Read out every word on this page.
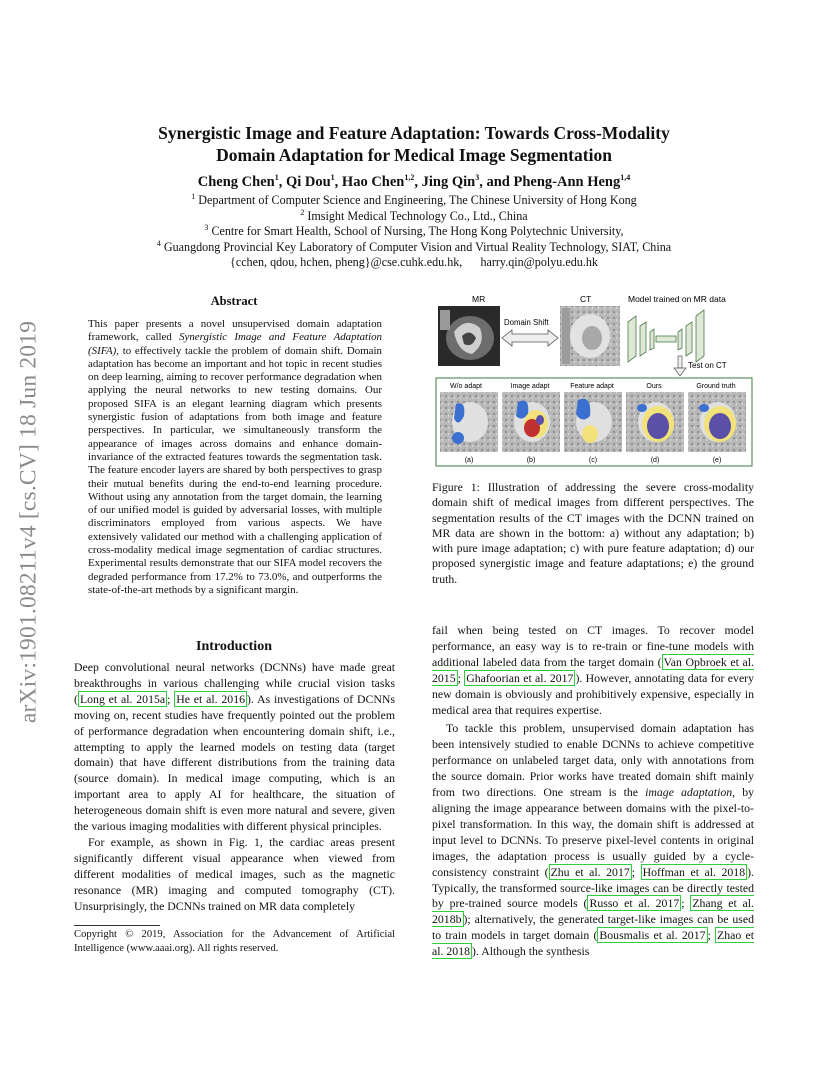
arXiv:1901.08211v4 [cs.CV] 18 Jun 2019
Synergistic Image and Feature Adaptation: Towards Cross-Modality
Domain Adaptation for Medical Image Segmentation
Cheng Chen$^1$, Qi Dou$^1$, Hao Chen$^{1,2}$, Jing Qin$^3$, and Pheng-Ann Heng$^{1,4}$
$^1$ Department of Computer Science and Engineering, The Chinese University of Hong Kong
$^2$ Imsight Medical Technology Co., Ltd., China
$^3$ Centre for Smart Health, School of Nursing, The Hong Kong Polytechnic University,
$^4$ Guangdong Provincial Key Laboratory of Computer Vision and Virtual Reality Technology, SIAT, China
{cchen, qdou, hchen, pheng}@cse.cuhk.edu.hk,      harry.qin@polyu.edu.hk
Abstract
This paper presents a novel unsupervised domain adaptation framework, called Synergistic Image and Feature Adaptation (SIFA), to effectively tackle the problem of domain shift. Domain adaptation has become an important and hot topic in recent studies on deep learning, aiming to recover performance degradation when applying the neural networks to new testing domains. Our proposed SIFA is an elegant learning diagram which presents synergistic fusion of adaptations from both image and feature perspectives. In particular, we simultaneously transform the appearance of images across domains and enhance domain-invariance of the extracted features towards the segmentation task. The feature encoder layers are shared by both perspectives to grasp their mutual benefits during the end-to-end learning procedure. Without using any annotation from the target domain, the learning of our unified model is guided by adversarial losses, with multiple discriminators employed from various aspects. We have extensively validated our method with a challenging application of cross-modality medical image segmentation of cardiac structures. Experimental results demonstrate that our SIFA model recovers the degraded performance from 17.2% to 73.0%, and outperforms the state-of-the-art methods by a significant margin.
Introduction

Deep convolutional neural networks (DCNNs) have made great breakthroughs in various challenging while crucial vision tasks ( Long et al. 2015a ; He et al. 2016 ). As investigations of DCNNs moving on, recent studies have frequently pointed out the problem of performance degradation when encountering domain shift, i.e., attempting to apply the learned models on testing data (target domain) that have different distributions from the training data (source domain). In medical image computing, which is an important area to apply AI for healthcare, the situation of heterogeneous domain shift is even more natural and severe, given the various imaging modalities with different physical principles.

For example, as shown in Fig. 1, the cardiac areas present significantly different visual appearance when viewed from different modalities of medical images, such as the magnetic resonance (MR) imaging and computed tomography (CT). Unsurprisingly, the DCNNs trained on MR data completely

Copyright © 2019, Association for the Advancement of Artificial Intelligence (www.aaai.org). All rights reserved.
MR	CT	Model trained on MR data
Domain Shift
Test on CT
W/o adapt
(a)
Image adapt
(b)
Feature adapt
(c)
Ours
(d)
Ground truth
(e)
Figure 1: Illustration of addressing the severe cross-modality domain shift of medical images from different perspectives. The segmentation results of the CT images with the DCNN trained on MR data are shown in the bottom: a) without any adaptation; b) with pure image adaptation; c) with pure feature adaptation; d) our proposed synergistic image and feature adaptations; e) the ground truth.

fail when being tested on CT images. To recover model performance, an easy way is to re-train or fine-tune models with additional labeled data from the target domain ( Van Opbroek et al. 2015 ; Ghafoorian et al. 2017 ). However, annotating data for every new domain is obviously and prohibitively expensive, especially in medical area that requires expertise.

To tackle this problem, unsupervised domain adaptation has been intensively studied to enable DCNNs to achieve competitive performance on unlabeled target data, only with annotations from the source domain. Prior works have treated domain shift mainly from two directions. One stream is the image adaptation, by aligning the image appearance between domains with the pixel-to-pixel transformation. In this way, the domain shift is addressed at input level to DCNNs. To preserve pixel-level contents in original images, the adaptation process is usually guided by a cycle-consistency constraint ( Zhu et al. 2017 ; Hoffman et al. 2018 ). Typically, the transformed source-like images can be directly tested by pre-trained source models ( Russo et al. 2017 ; Zhang et al. 2018b ); alternatively, the generated target-like images can be used to train models in target domain ( Bousmalis et al. 2017 ; Zhao et al. 2018 ). Although the synthesis
